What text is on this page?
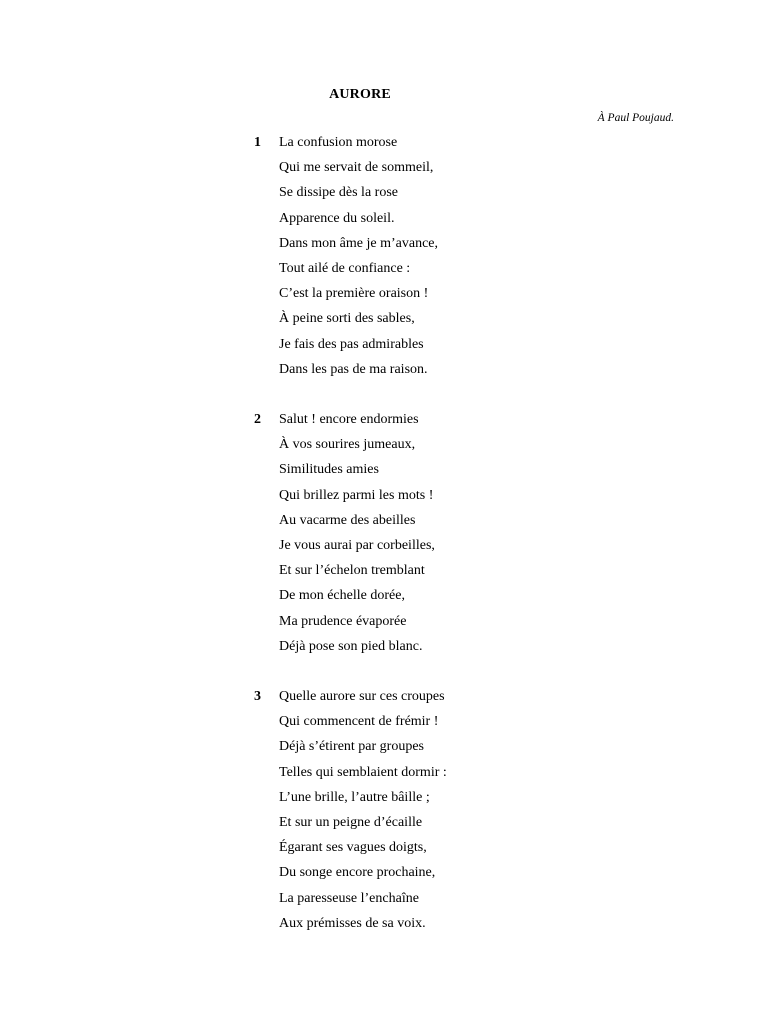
AURORE
À Paul Poujaud.
1 La confusion morose
Qui me servait de sommeil,
Se dissipe dès la rose
Apparence du soleil.
Dans mon âme je m’avance,
Tout ailé de confiance :
C’est la première oraison !
À peine sorti des sables,
Je fais des pas admirables
Dans les pas de ma raison.
2 Salut ! encore endormies
À vos sourires jumeaux,
Similitudes amies
Qui brillez parmi les mots !
Au vacarme des abeilles
Je vous aurai par corbeilles,
Et sur l’échelon tremblant
De mon échelle dorée,
Ma prudence évaporée
Déjà pose son pied blanc.
3 Quelle aurore sur ces croupes
Qui commencent de frémir !
Déjà s’étirent par groupes
Telles qui semblaient dormir :
L’une brille, l’autre bâille ;
Et sur un peigne d’écaille
Égarant ses vagues doigts,
Du songe encore prochaine,
La paresseuse l’enchaîne
Aux prémisses de sa voix.
